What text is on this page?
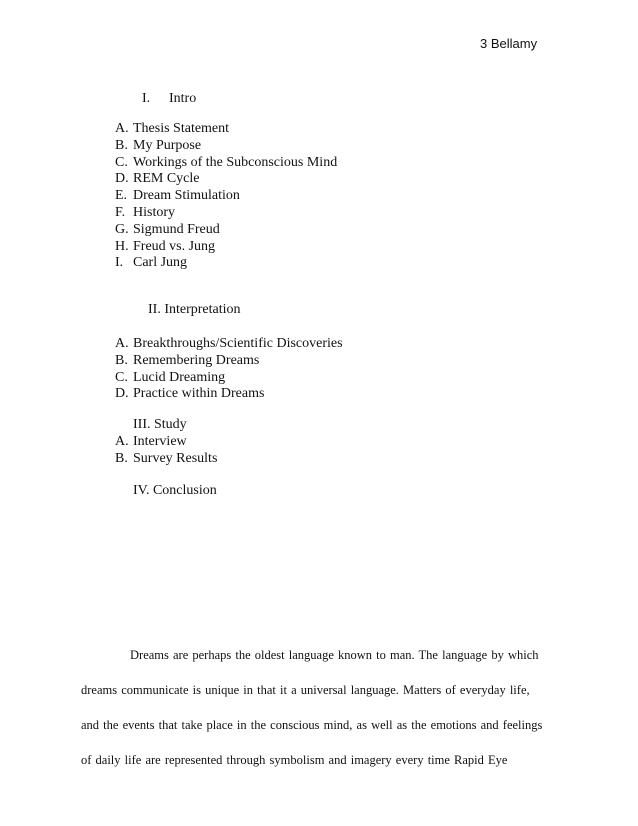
3 Bellamy
I. Intro
A. Thesis Statement
B. My Purpose
C. Workings of the Subconscious Mind
D. REM Cycle
E. Dream Stimulation
F. History
G. Sigmund Freud
H. Freud vs. Jung
I. Carl Jung
II. Interpretation
A. Breakthroughs/Scientific Discoveries
B. Remembering Dreams
C. Lucid Dreaming
D. Practice within Dreams
III. Study
A. Interview
B. Survey Results
IV. Conclusion
Dreams are perhaps the oldest language known to man. The language by which
dreams communicate is unique in that it a universal language. Matters of everyday life,
and the events that take place in the conscious mind, as well as the emotions and feelings
of daily life are represented through symbolism and imagery every time Rapid Eye
